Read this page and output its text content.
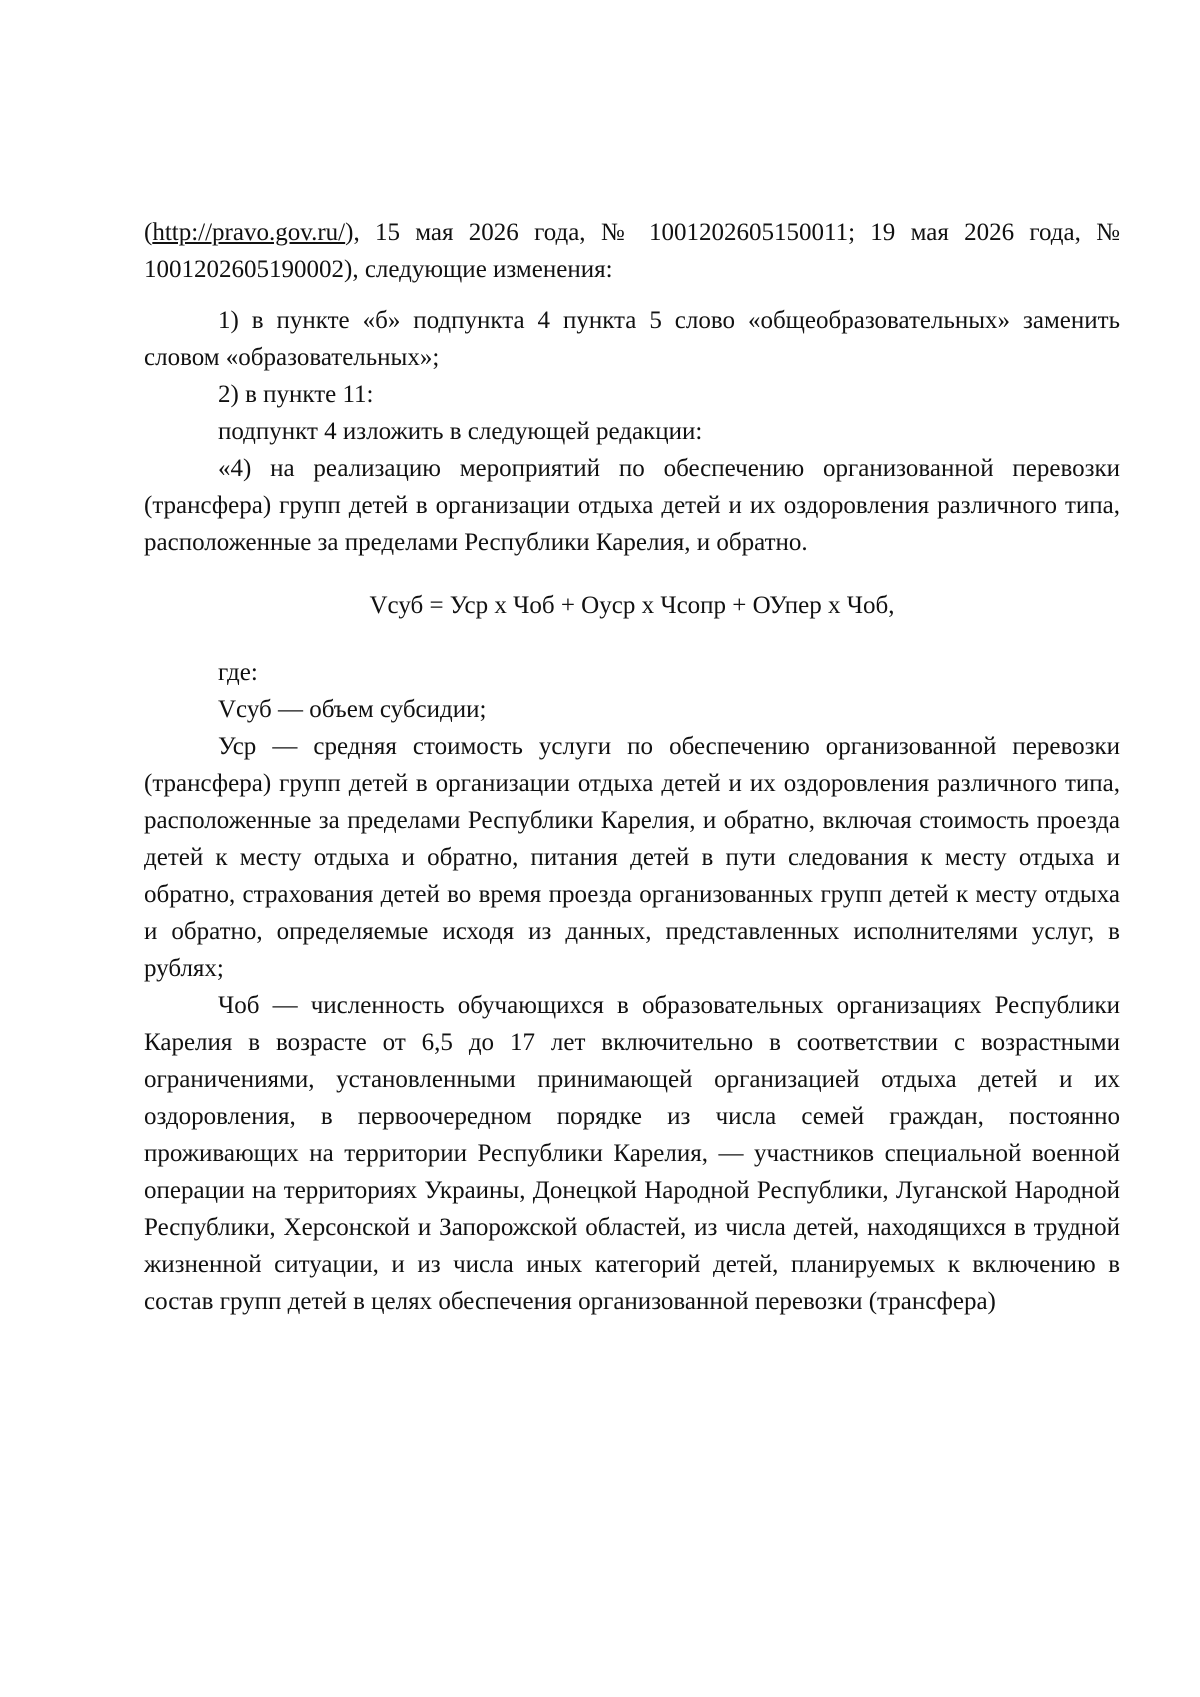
(http://pravo.gov.ru/), 15 мая 2026 года, № 1001202605150011; 19 мая 2026 года, № 1001202605190002), следующие изменения:

1) в пункте «б» подпункта 4 пункта 5 слово «общеобразовательных» заменить словом «образовательных»;

2) в пункте 11:

подпункт 4 изложить в следующей редакции:

«4) на реализацию мероприятий по обеспечению организованной перевозки (трансфера) групп детей в организации отдыха детей и их оздоровления различного типа, расположенные за пределами Республики Карелия, и обратно.

Vсуб = Уср x Чоб + Оуср x Чсопр + ОУпер x Чоб,

где:

Vсуб — объем субсидии;

Уср — средняя стоимость услуги по обеспечению организованной перевозки (трансфера) групп детей в организации отдыха детей и их оздоровления различного типа, расположенные за пределами Республики Карелия, и обратно, включая стоимость проезда детей к месту отдыха и обратно, питания детей в пути следования к месту отдыха и обратно, страхования детей во время проезда организованных групп детей к месту отдыха и обратно, определяемые исходя из данных, представленных исполнителями услуг, в рублях;

Чоб — численность обучающихся в образовательных организациях Республики Карелия в возрасте от 6,5 до 17 лет включительно в соответствии с возрастными ограничениями, установленными принимающей организацией отдыха детей и их оздоровления, в первоочередном порядке из числа семей граждан, постоянно проживающих на территории Республики Карелия, — участников специальной военной операции на территориях Украины, Донецкой Народной Республики, Луганской Народной Республики, Херсонской и Запорожской областей, из числа детей, находящихся в трудной жизненной ситуации, и из числа иных категорий детей, планируемых к включению в состав групп детей в целях обеспечения организованной перевозки (трансфера)
